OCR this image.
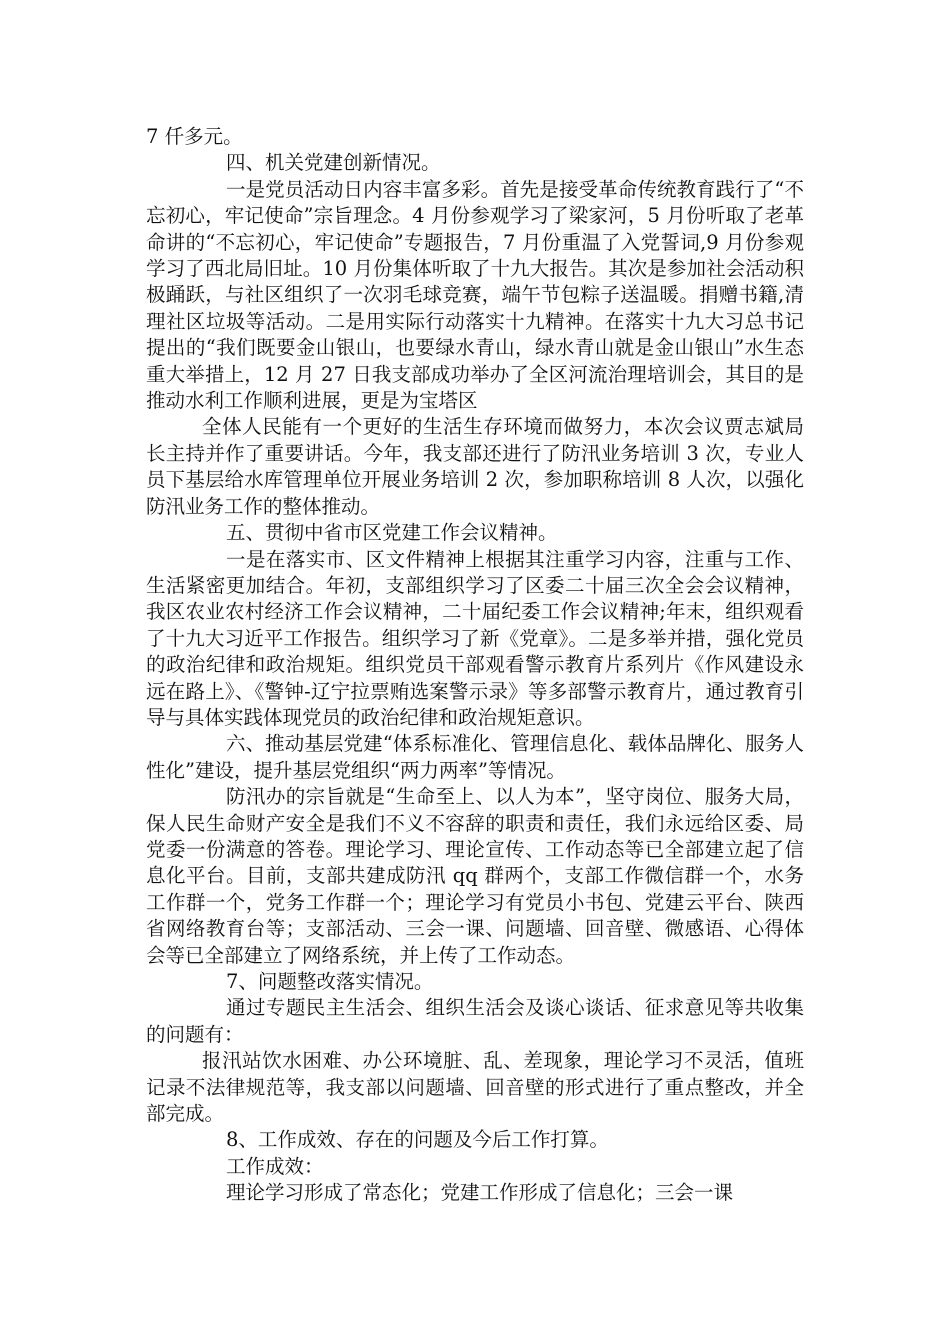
7 仟多元。

四、机关党建创新情况。

一是党员活动日内容丰富多彩。首先是接受革命传统教育践行了“不忘初心，牢记使命”宗旨理念。4 月份参观学习了梁家河，5 月份听取了老革命讲的“不忘初心，牢记使命”专题报告，7 月份重温了入党誓词,9 月份参观学习了西北局旧址。10 月份集体听取了十九大报告。其次是参加社会活动积极踊跃，与社区组织了一次羽毛球竞赛，端午节包粽子送温暖。捐赠书籍,清理社区垃圾等活动。二是用实际行动落实十九精神。在落实十九大习总书记提出的“我们既要金山银山，也要绿水青山，绿水青山就是金山银山”水生态重大举措上，12 月 27 日我支部成功举办了全区河流治理培训会，其目的是推动水利工作顺利进展，更是为宝塔区

全体人民能有一个更好的生活生存环境而做努力，本次会议贾志斌局长主持并作了重要讲话。今年，我支部还进行了防汛业务培训 3 次，专业人员下基层给水库管理单位开展业务培训 2 次，参加职称培训 8 人次，以强化防汛业务工作的整体推动。

五、贯彻中省市区党建工作会议精神。

一是在落实市、区文件精神上根据其注重学习内容，注重与工作、生活紧密更加结合。年初，支部组织学习了区委二十届三次全会会议精神，我区农业农村经济工作会议精神，二十届纪委工作会议精神;年末，组织观看了十九大习近平工作报告。组织学习了新《党章》。二是多举并措，强化党员的政治纪律和政治规矩。组织党员干部观看警示教育片系列片《作风建设永远在路上》、《警钟-辽宁拉票贿选案警示录》等多部警示教育片，通过教育引导与具体实践体现党员的政治纪律和政治规矩意识。

六、推动基层党建“体系标准化、管理信息化、载体品牌化、服务人性化”建设，提升基层党组织“两力两率”等情况。

防汛办的宗旨就是“生命至上、以人为本”，坚守岗位、服务大局，保人民生命财产安全是我们不义不容辞的职责和责任，我们永远给区委、局党委一份满意的答卷。理论学习、理论宣传、工作动态等已全部建立起了信息化平台。目前，支部共建成防汛 qq 群两个，支部工作微信群一个，水务工作群一个，党务工作群一个；理论学习有党员小书包、党建云平台、陕西省网络教育台等；支部活动、三会一课、问题墙、回音壁、微感语、心得体会等已全部建立了网络系统，并上传了工作动态。

7、问题整改落实情况。

通过专题民主生活会、组织生活会及谈心谈话、征求意见等共收集的问题有：

报汛站饮水困难、办公环境脏、乱、差现象，理论学习不灵活，值班记录不法律规范等，我支部以问题墙、回音壁的形式进行了重点整改，并全部完成。

8、工作成效、存在的问题及今后工作打算。

工作成效：

理论学习形成了常态化；党建工作形成了信息化；三会一课
